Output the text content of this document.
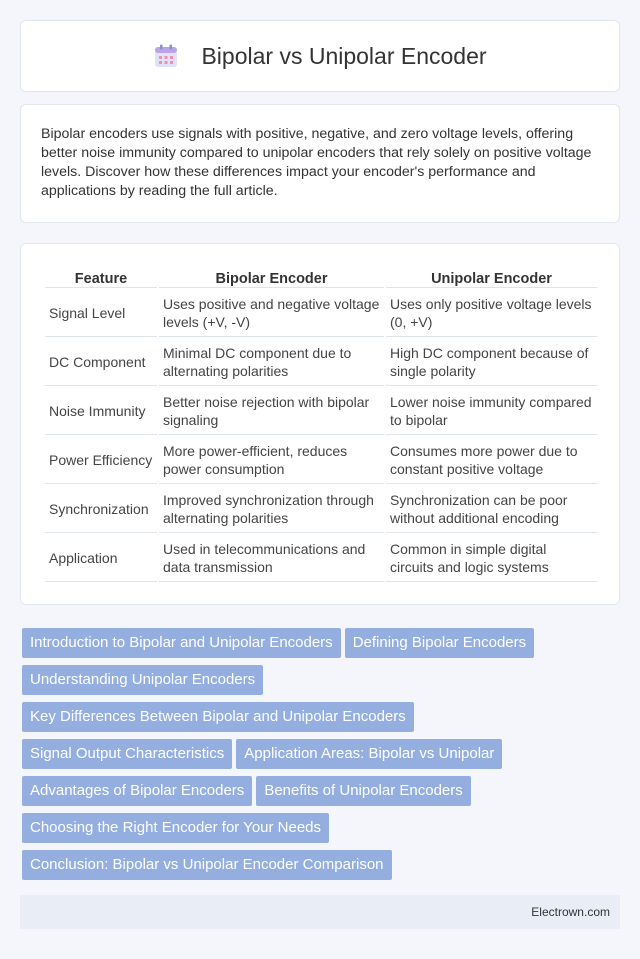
Bipolar vs Unipolar Encoder

Bipolar encoders use signals with positive, negative, and zero voltage levels, offering better noise immunity compared to unipolar encoders that rely solely on positive voltage levels. Discover how these differences impact your encoder's performance and applications by reading the full article.

Feature	Bipolar Encoder	Unipolar Encoder
Signal Level	Uses positive and negative voltage levels (+V, -V)	Uses only positive voltage levels (0, +V)
DC Component	Minimal DC component due to alternating polarities	High DC component because of single polarity
Noise Immunity	Better noise rejection with bipolar signaling	Lower noise immunity compared to bipolar
Power Efficiency	More power-efficient, reduces power consumption	Consumes more power due to constant positive voltage
Synchronization	Improved synchronization through alternating polarities	Synchronization can be poor without additional encoding
Application	Used in telecommunications and data transmission	Common in simple digital circuits and logic systems
Introduction to Bipolar and Unipolar Encoders Defining Bipolar Encoders
Understanding Unipolar Encoders
Key Differences Between Bipolar and Unipolar Encoders
Signal Output Characteristics Application Areas: Bipolar vs Unipolar
Advantages of Bipolar Encoders Benefits of Unipolar Encoders
Choosing the Right Encoder for Your Needs
Conclusion: Bipolar vs Unipolar Encoder Comparison
Electrown.com
